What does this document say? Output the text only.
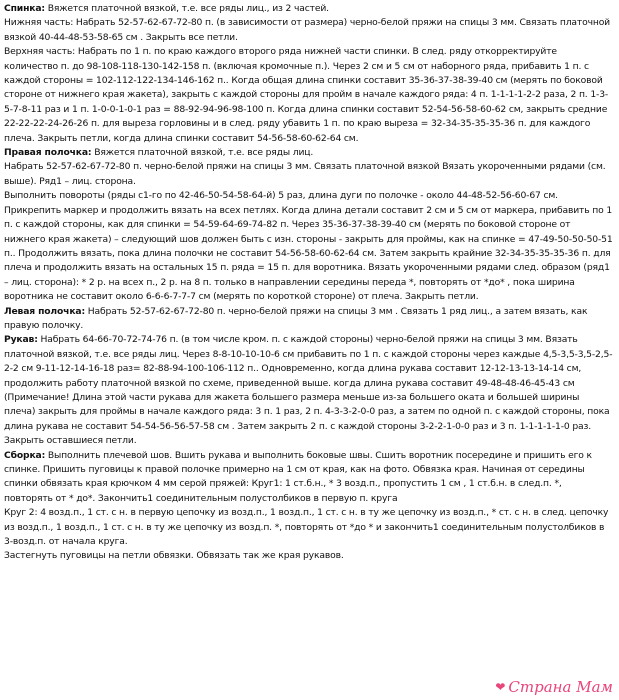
Спинка: Вяжется платочной вязкой, т.е. все ряды лиц., из 2 частей.

Нижняя часть: Набрать 52-57-62-67-72-80 п. (в зависимости от размера) черно-белой пряжи на спицы 3 мм. Связать платочной вязкой 40-44-48-53-58-65 см . Закрыть все петли.

Верхняя часть: Набрать по 1 п. по краю каждого второго ряда нижней части спинки. В след. ряду откорректируйте количество п. до 98-108-118-130-142-158 п. (включая кромочные п.). Через 2 см и 5 см от наборного ряда, прибавить 1 п. с каждой стороны = 102-112-122-134-146-162 п.. Когда общая длина спинки составит 35-36-37-38-39-40 см (мерять по боковой стороне от нижнего края жакета), закрыть с каждой стороны для пройм в начале каждого ряда: 4 п. 1-1-1-1-2-2 раза, 2 п. 1-3-5-7-8-11 раз и 1 п. 1-0-0-1-0-1 раз = 88-92-94-96-98-100 п. Когда длина спинки составит 52-54-56-58-60-62 см, закрыть средние 22-22-22-24-26-26 п. для выреза горловины и в след. ряду убавить 1 п. по краю выреза = 32-34-35-35-35-36 п. для каждого плеча. Закрыть петли, когда длина спинки составит 54-56-58-60-62-64 см.

Правая полочка: Вяжется платочной вязкой, т.е. все ряды лиц.

Набрать 52-57-62-67-72-80 п. черно-белой пряжи на спицы 3 мм. Связать платочной вязкой Вязать укороченными рядами (см. выше). Ряд1 – лиц. сторона.

Выполнить повороты (ряды с1-го по 42-46-50-54-58-64-й) 5 раз, длина дуги по полочке - около 44-48-52-56-60-67 см. Прикрепить маркер и продолжить вязать на всех петлях. Когда длина детали составит 2 см и 5 см от маркера, прибавить по 1 п. с каждой стороны, как для спинки = 54-59-64-69-74-82 п. Через 35-36-37-38-39-40 см (мерять по боковой стороне от нижнего края жакета) – следующий шов должен быть с изн. стороны - закрыть для проймы, как на спинке = 47-49-50-50-50-51 п.. Продолжить вязать, пока длина полочки не составит 54-56-58-60-62-64 см. Затем закрыть крайние 32-34-35-35-35-36 п. для плеча и продолжить вязать на остальных 15 п. ряда = 15 п. для воротника. Вязать укороченными рядами след. образом (ряд1 – лиц. сторона): * 2 р. на всех п., 2 р. на 8 п. только в направлении середины переда *, повторять от *до* , пока ширина воротника не составит около 6-6-6-7-7-7 см (мерять по короткой стороне) от плеча. Закрыть петли.

Левая полочка: Набрать 52-57-62-67-72-80 п. черно-белой пряжи на спицы 3 мм . Связать 1 ряд лиц., а затем вязать, как правую полочку.

Рукав: Набрать 64-66-70-72-74-76 п. (в том числе кром. п. с каждой стороны) черно-белой пряжи на спицы 3 мм. Вязать платочной вязкой, т.е. все ряды лиц. Через 8-8-10-10-10-6 см прибавить по 1 п. с каждой стороны через каждые 4,5-3,5-3,5-2,5-2-2 см 9-11-12-14-16-18 раз= 82-88-94-100-106-112 п.. Одновременно, когда длина рукава составит 12-12-13-13-14-14 см, продолжить работу платочной вязкой по схеме, приведенной выше. когда длина рукава составит 49-48-48-46-45-43 см (Примечание! Длина этой части рукава для жакета большего размера меньше из-за большего оката и большей ширины плеча) закрыть для проймы в начале каждого ряда: 3 п. 1 раз, 2 п. 4-3-3-2-0-0 раз, а затем по одной п. с каждой стороны, пока длина рукава не составит 54-54-56-56-57-58 см . Затем закрыть 2 п. с каждой стороны 3-2-2-1-0-0 раз и 3 п. 1-1-1-1-1-0 раз. Закрыть оставшиеся петли.

Сборка: Выполнить плечевой шов. Вшить рукава и выполнить боковые швы. Сшить воротник посередине и пришить его к спинке. Пришить пуговицы к правой полочке примерно на 1 см от края, как на фото. Обвязка края. Начиная от середины спинки обвязать края крючком 4 мм серой пряжей: Круг1: 1 ст.б.н., * 3 возд.п., пропустить 1 см , 1 ст.б.н. в след.п. *, повторять от * до*. Закончить1 соединительным полустолбиков в первую п. круга

Круг 2: 4 возд.п., 1 ст. с н. в первую цепочку из возд.п., 1 возд.п., 1 ст. с н. в ту же цепочку из возд.п., * ст. с н. в след. цепочку из возд.п., 1 возд.п., 1 ст. с н. в ту же цепочку из возд.п. *, повторять от *до * и закончить1 соединительным полустолбиков в 3-возд.п. от начала круга.

Застегнуть пуговицы на петли обвязки. Обвязать так же края рукавов.

❤ Страна Мам
